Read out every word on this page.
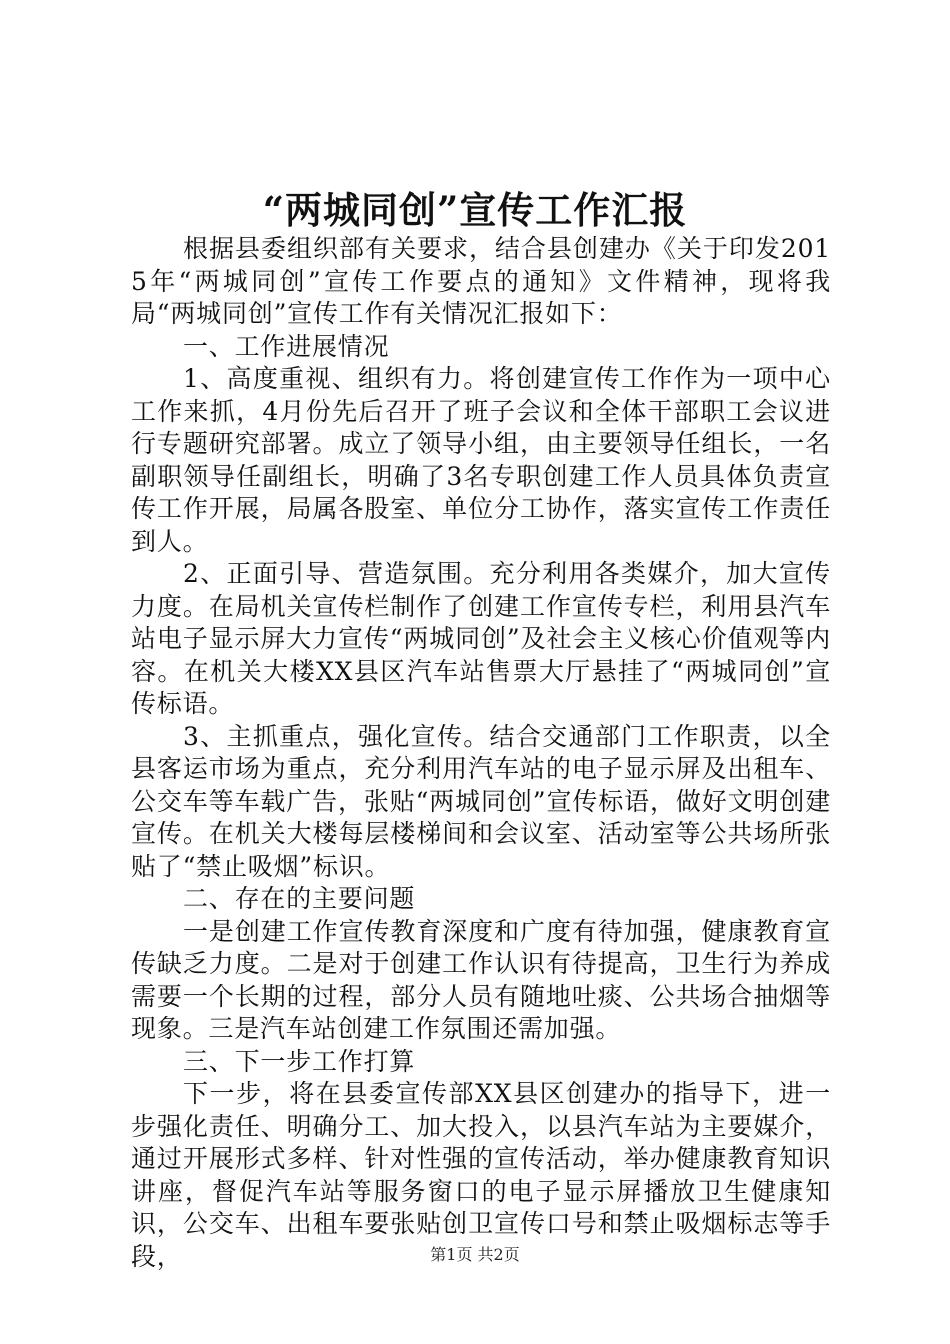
“两城同创”宣传工作汇报

根据县委组织部有关要求，结合县创建办《关于印发2015年“两城同创”宣传工作要点的通知》文件精神，现将我局“两城同创”宣传工作有关情况汇报如下：

一、工作进展情况

1、高度重视、组织有力。将创建宣传工作作为一项中心工作来抓，4月份先后召开了班子会议和全体干部职工会议进行专题研究部署。成立了领导小组，由主要领导任组长，一名副职领导任副组长，明确了3名专职创建工作人员具体负责宣传工作开展，局属各股室、单位分工协作，落实宣传工作责任到人。

2、正面引导、营造氛围。充分利用各类媒介，加大宣传力度。在局机关宣传栏制作了创建工作宣传专栏，利用县汽车站电子显示屏大力宣传“两城同创”及社会主义核心价值观等内容。在机关大楼XX县区汽车站售票大厅悬挂了“两城同创”宣传标语。

3、主抓重点，强化宣传。结合交通部门工作职责，以全县客运市场为重点，充分利用汽车站的电子显示屏及出租车、公交车等车载广告，张贴“两城同创”宣传标语，做好文明创建宣传。在机关大楼每层楼梯间和会议室、活动室等公共场所张贴了“禁止吸烟”标识。

二、存在的主要问题

一是创建工作宣传教育深度和广度有待加强，健康教育宣传缺乏力度。二是对于创建工作认识有待提高，卫生行为养成需要一个长期的过程，部分人员有随地吐痰、公共场合抽烟等现象。三是汽车站创建工作氛围还需加强。

三、下一步工作打算

下一步，将在县委宣传部XX县区创建办的指导下，进一步强化责任、明确分工、加大投入，以县汽车站为主要媒介，通过开展形式多样、针对性强的宣传活动，举办健康教育知识讲座，督促汽车站等服务窗口的电子显示屏播放卫生健康知识，公交车、出租车要张贴创卫宣传口号和禁止吸烟标志等手段，	第1页 共2页
